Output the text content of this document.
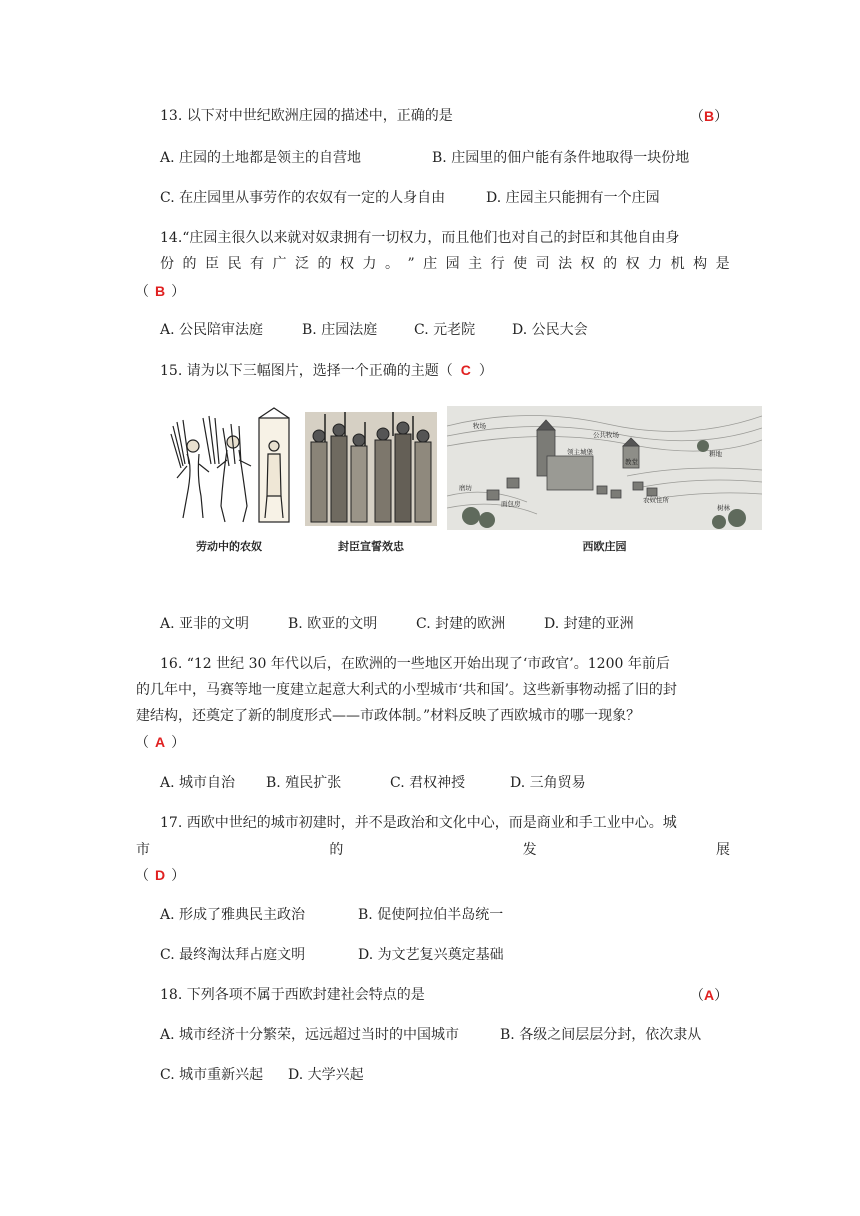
13. 以下对中世纪欧洲庄园的描述中，正确的是	（B）
A. 庄园的土地都是领主的自营地	B. 庄园里的佃户能有条件地取得一块份地
C. 在庄园里从事劳作的农奴有一定的人身自由	D. 庄园主只能拥有一个庄园
14.“庄园主很久以来就对奴隶拥有一切权力，而且他们也对自己的封臣和其他自由身
份 的 臣 民 有 广 泛 的 权 力 。 ” 庄 园 主 行 使 司 法 权 的 权 力 机 构 是
（ B ）
A. 公民陪审法庭	B. 庄园法庭	C. 元老院	D. 公民大会
15. 请为以下三幅图片，选择一个正确的主题（ C ）
劳动中的农奴	封臣宣誓效忠
牧场
公共牧场
领主城堡
教堂
耕地
磨坊
面包房	农奴住所
树林
西欧庄园
A. 亚非的文明	B. 欧亚的文明	C. 封建的欧洲	D. 封建的亚洲
16. “12 世纪 30 年代以后，在欧洲的一些地区开始出现了‘市政官’。1200 年前后
的几年中，马赛等地一度建立起意大利式的小型城市‘共和国’。这些新事物动摇了旧的封
建结构，还奠定了新的制度形式——市政体制。”材料反映了西欧城市的哪一现象？
（ A ）
A. 城市自治 B. 殖民扩张	C. 君权神授	D. 三角贸易
17. 西欧中世纪的城市初建时，并不是政治和文化中心，而是商业和手工业中心。城
市	的	发	展
（ D ）
A. 形成了雅典民主政治	B. 促使阿拉伯半岛统一
C. 最终淘汰拜占庭文明	D. 为文艺复兴奠定基础
18. 下列各项不属于西欧封建社会特点的是	（A）
A. 城市经济十分繁荣，远远超过当时的中国城市	B. 各级之间层层分封，依次隶从
C. 城市重新兴起 D. 大学兴起
